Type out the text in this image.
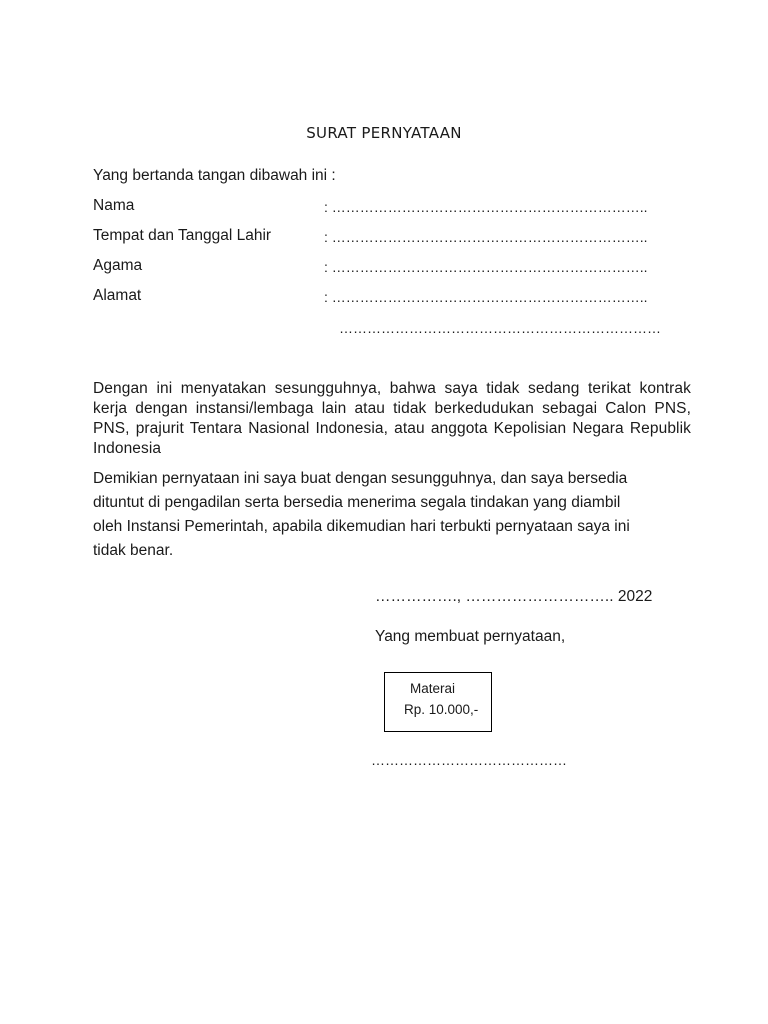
SURAT PERNYATAAN
Yang bertanda tangan dibawah ini :
Nama	: …………………………………………………………..
Tempat dan Tanggal Lahir	: …………………………………………………………..
Agama	: …………………………………………………………..
Alamat	: …………………………………………………………..
……………………………………………………………
Dengan ini menyatakan sesungguhnya, bahwa saya tidak sedang terikat kontrak kerja dengan instansi/lembaga lain atau tidak berkedudukan sebagai Calon PNS, PNS, prajurit Tentara Nasional Indonesia, atau anggota Kepolisian Negara Republik Indonesia
Demikian pernyataan ini saya buat dengan sesungguhnya, dan saya bersedia dituntut di pengadilan serta bersedia menerima segala tindakan yang diambil oleh Instansi Pemerintah, apabila dikemudian hari terbukti pernyataan saya ini tidak benar.
……………., ……………………….. 2022
Yang membuat pernyataan,
Materai
Rp. 10.000,-
……………………………………
